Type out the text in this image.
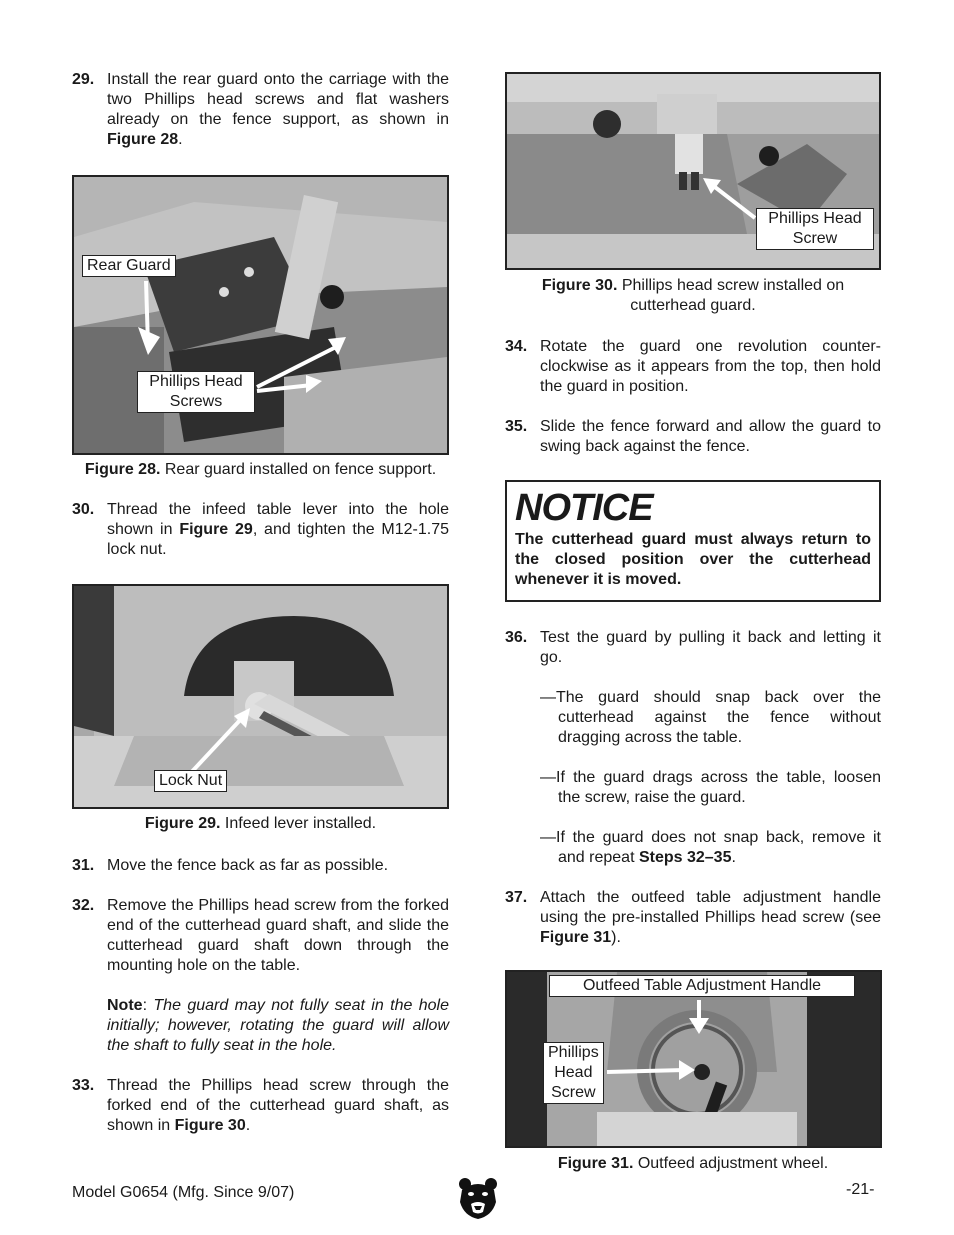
29. Install the rear guard onto the carriage with the two Phillips head screws and flat washers already on the fence support, as shown in Figure 28.

Rear Guard
Phillips Head
Screws

Figure 28. Rear guard installed on fence support.

30. Thread the infeed table lever into the hole shown in Figure 29, and tighten the M12-1.75 lock nut.

Lock Nut

Figure 29. Infeed lever installed.

31. Move the fence back as far as possible.

32. Remove the Phillips head screw from the forked end of the cutterhead guard shaft, and slide the cutterhead guard shaft down through the mounting hole on the table.

Note: The guard may not fully seat in the hole initially; however, rotating the guard will allow the shaft to fully seat in the hole.

33. Thread the Phillips head screw through the forked end of the cutterhead guard shaft, as shown in Figure 30.

Phillips Head
Screw

Figure 30. Phillips head screw installed on cutterhead guard.

34. Rotate the guard one revolution counter-clockwise as it appears from the top, then hold the guard in position.

35. Slide the fence forward and allow the guard to swing back against the fence.

NOTICE

The cutterhead guard must always return to the closed position over the cutterhead whenever it is moved.

36. Test the guard by pulling it back and letting it go.

—The guard should snap back over the cutterhead against the fence without dragging across the table.

—If the guard drags across the table, loosen the screw, raise the guard.

—If the guard does not snap back, remove it and repeat Steps 32–35.

37. Attach the outfeed table adjustment handle using the pre-installed Phillips head screw (see Figure 31).

Outfeed Table Adjustment Handle
Phillips
Head
Screw

Figure 31. Outfeed adjustment wheel.

Model G0654 (Mfg. Since 9/07)	-21-
